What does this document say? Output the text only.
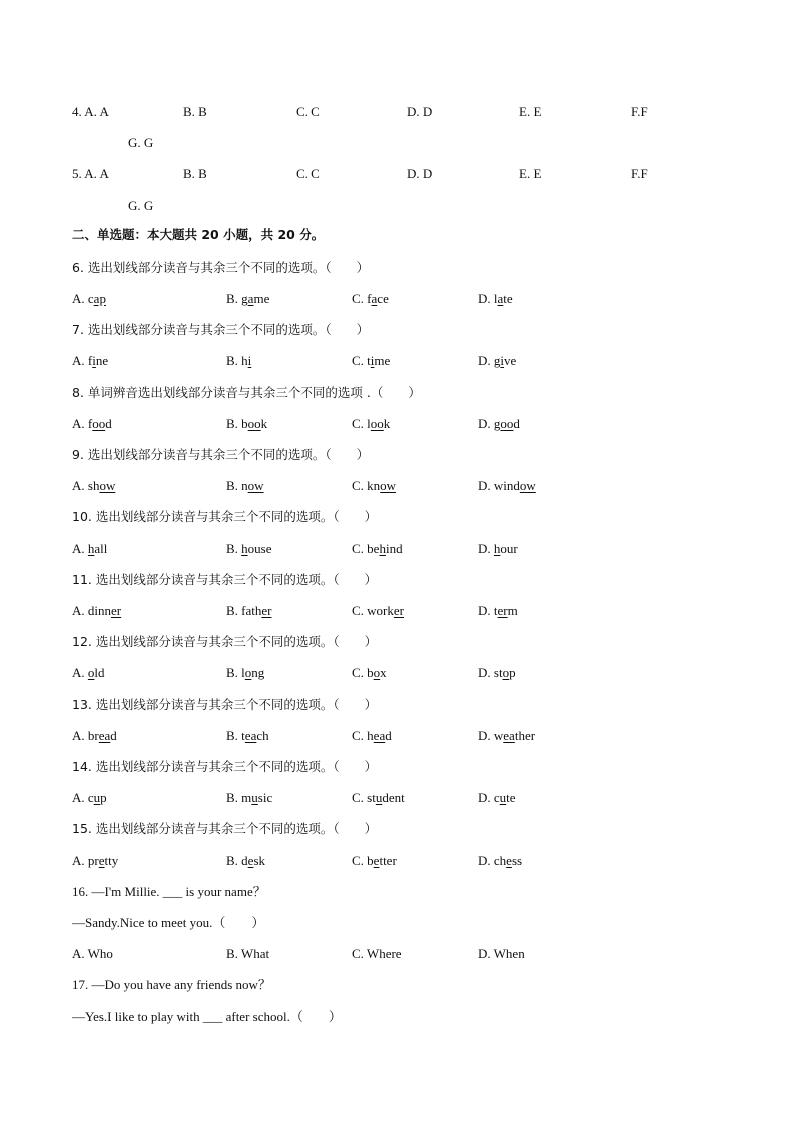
4. A. A	B. B	C. C	D. D	E. E	F.F
G. G
5. A. A	B. B	C. C	D. D	E. E	F.F
G. G
二、单选题：本大题共 20 小题，共 20 分。
6. 选出划线部分读音与其余三个不同的选项。（　　）
A. cap	B. game	C. face	D. late
7. 选出划线部分读音与其余三个不同的选项。（　　）
A. fine	B. hi	C. time	D. give
8. 单词辨音选出划线部分读音与其余三个不同的选项 .（　　）
A. food	B. book	C. look	D. good
9. 选出划线部分读音与其余三个不同的选项。（　　）
A. show	B. now	C. know	D. window
10. 选出划线部分读音与其余三个不同的选项。（　　）
A. hall	B. house	C. behind	D. hour
11. 选出划线部分读音与其余三个不同的选项。（　　）
A. dinner	B. father	C. worker	D. term
12. 选出划线部分读音与其余三个不同的选项。（　　）
A. old	B. long	C. box	D. stop
13. 选出划线部分读音与其余三个不同的选项。（　　）
A. bread	B. teach	C. head	D. weather
14. 选出划线部分读音与其余三个不同的选项。（　　）
A. cup	B. music	C. student	D. cute
15. 选出划线部分读音与其余三个不同的选项。（　　）
A. pretty	B. desk	C. better	D. chess
16. —I'm Millie. ___ is your name？
—Sandy.Nice to meet you.（　　）
A. Who	B. What	C. Where	D. When
17. —Do you have any friends now？
—Yes.I like to play with ___ after school.（　　）
